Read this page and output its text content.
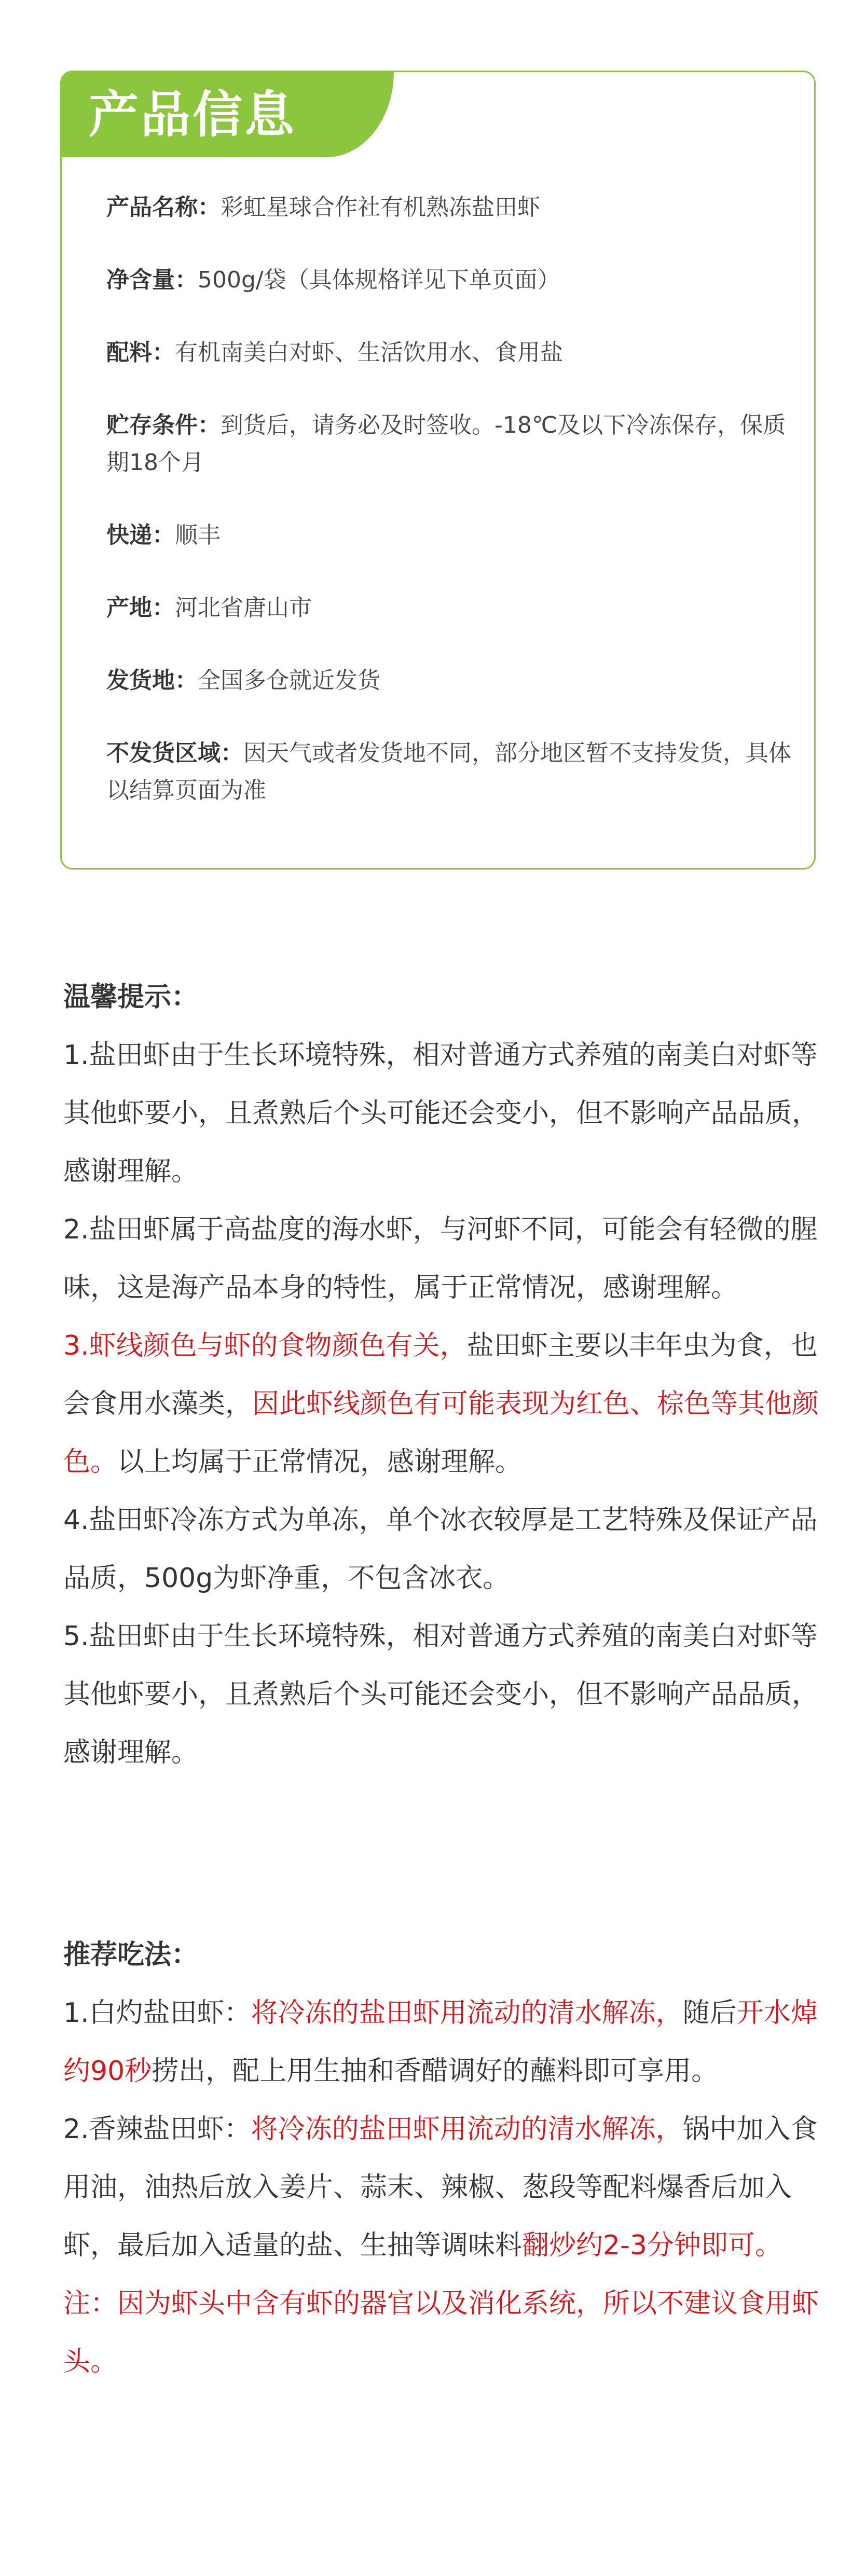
产品信息
产品名称：彩虹星球合作社有机熟冻盐田虾
净含量：500g/袋（具体规格详见下单页面）
配料：有机南美白对虾、生活饮用水、食用盐
贮存条件：到货后，请务必及时签收。-18℃及以下冷冻保存，保质期18个月
快递：顺丰
产地：河北省唐山市
发货地：全国多仓就近发货
不发货区域：因天气或者发货地不同，部分地区暂不支持发货，具体以结算页面为准
温馨提示：
1.盐田虾由于生长环境特殊，相对普通方式养殖的南美白对虾等其他虾要小，且煮熟后个头可能还会变小，但不影响产品品质，感谢理解。
2.盐田虾属于高盐度的海水虾，与河虾不同，可能会有轻微的腥味，这是海产品本身的特性，属于正常情况，感谢理解。
3.虾线颜色与虾的食物颜色有关，盐田虾主要以丰年虫为食，也会食用水藻类，因此虾线颜色有可能表现为红色、棕色等其他颜色。以上均属于正常情况，感谢理解。
4.盐田虾冷冻方式为单冻，单个冰衣较厚是工艺特殊及保证产品品质，500g为虾净重，不包含冰衣。
5.盐田虾由于生长环境特殊，相对普通方式养殖的南美白对虾等其他虾要小，且煮熟后个头可能还会变小，但不影响产品品质，感谢理解。
推荐吃法：
1.白灼盐田虾：将冷冻的盐田虾用流动的清水解冻，随后开水焯约90秒捞出，配上用生抽和香醋调好的蘸料即可享用。
2.香辣盐田虾：将冷冻的盐田虾用流动的清水解冻，锅中加入食用油，油热后放入姜片、蒜末、辣椒、葱段等配料爆香后加入虾，最后加入适量的盐、生抽等调味料翻炒约2-3分钟即可。
注：因为虾头中含有虾的器官以及消化系统，所以不建议食用虾头。
